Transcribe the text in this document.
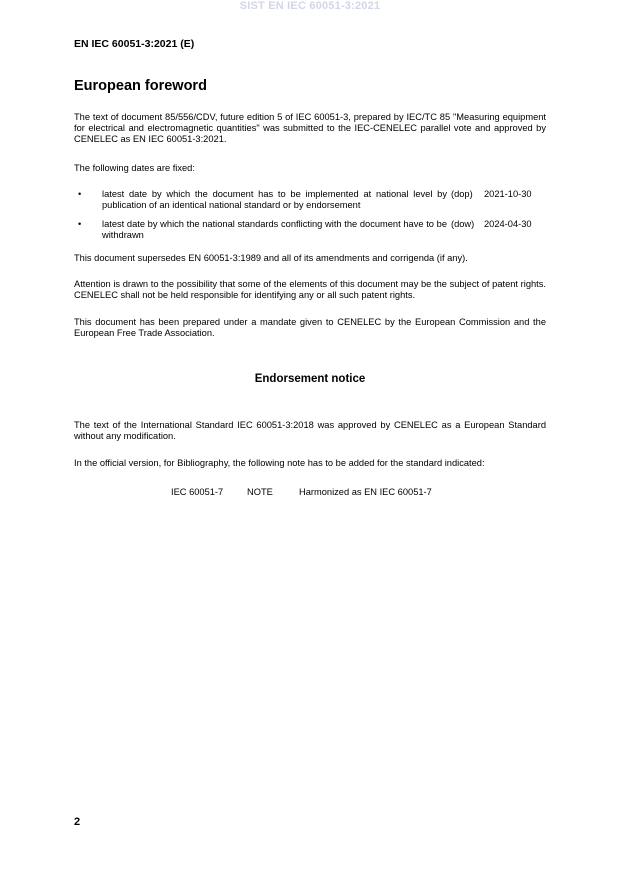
SIST EN IEC 60051-3:2021
EN IEC 60051-3:2021 (E)
European foreword
The text of document 85/556/CDV, future edition 5 of IEC 60051-3, prepared by IEC/TC 85 "Measuring equipment for electrical and electromagnetic quantities" was submitted to the IEC-CENELEC parallel vote and approved by CENELEC as EN IEC 60051-3:2021.
The following dates are fixed:
• latest date by which the document has to be implemented at national level by publication of an identical national standard or by endorsement
(dop) 2021-10-30
• latest date by which the national standards conflicting with the document have to be withdrawn
(dow) 2024-04-30
This document supersedes EN 60051-3:1989 and all of its amendments and corrigenda (if any).
Attention is drawn to the possibility that some of the elements of this document may be the subject of patent rights. CENELEC shall not be held responsible for identifying any or all such patent rights.
This document has been prepared under a mandate given to CENELEC by the European Commission and the European Free Trade Association.
Endorsement notice
The text of the International Standard IEC 60051-3:2018 was approved by CENELEC as a European Standard without any modification.
In the official version, for Bibliography, the following note has to be added for the standard indicated:
IEC 60051-7	NOTE	Harmonized as EN IEC 60051-7
2
